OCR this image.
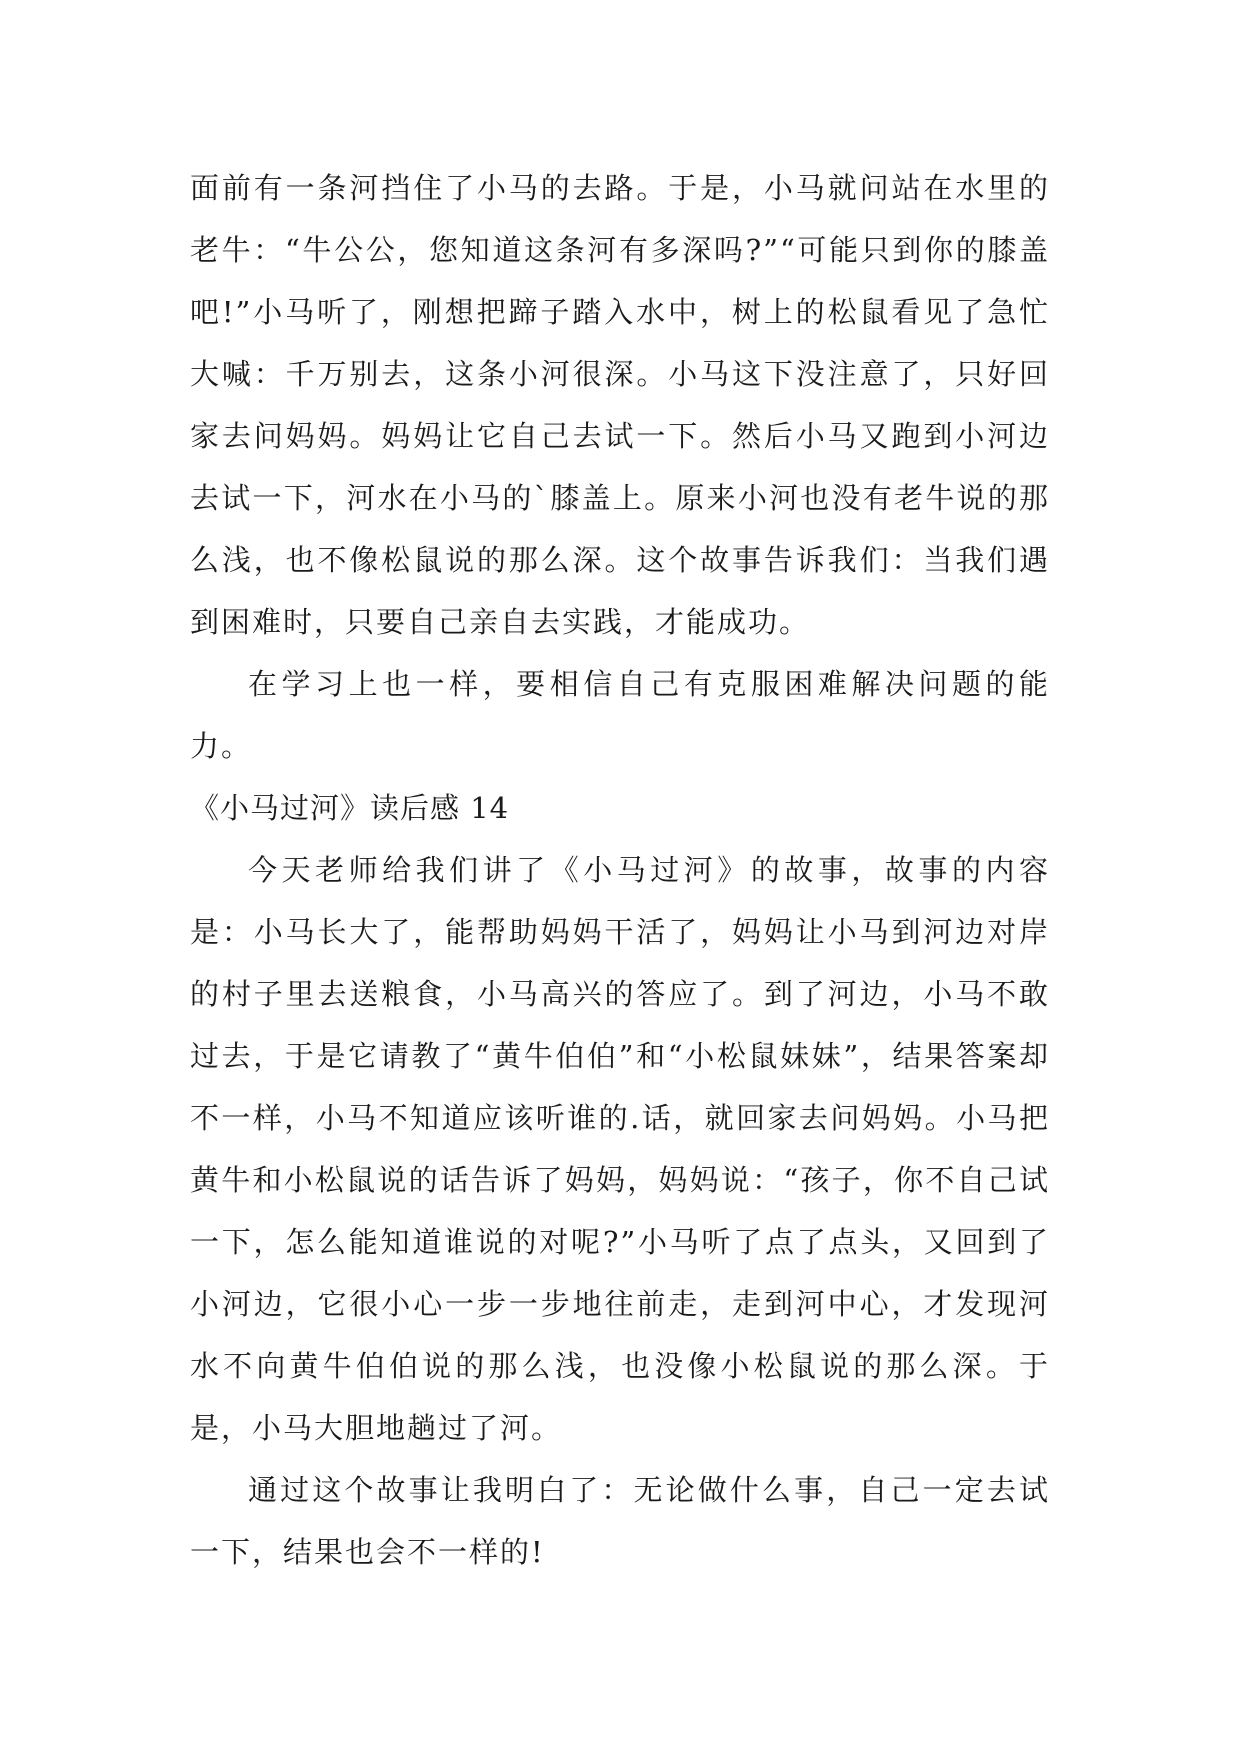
面前有一条河挡住了小马的去路。于是，小马就问站在水里的老牛：“牛公公，您知道这条河有多深吗?”“可能只到你的膝盖吧!”小马听了，刚想把蹄子踏入水中，树上的松鼠看见了急忙大喊：千万别去，这条小河很深。小马这下没注意了，只好回家去问妈妈。妈妈让它自己去试一下。然后小马又跑到小河边去试一下，河水在小马的`膝盖上。原来小河也没有老牛说的那么浅，也不像松鼠说的那么深。这个故事告诉我们：当我们遇到困难时，只要自己亲自去实践，才能成功。

在学习上也一样，要相信自己有克服困难解决问题的能力。

《小马过河》读后感 14

今天老师给我们讲了《小马过河》的故事，故事的内容是：小马长大了，能帮助妈妈干活了，妈妈让小马到河边对岸的村子里去送粮食，小马高兴的答应了。到了河边，小马不敢过去，于是它请教了“黄牛伯伯”和“小松鼠妹妹”，结果答案却不一样，小马不知道应该听谁的.话，就回家去问妈妈。小马把黄牛和小松鼠说的话告诉了妈妈，妈妈说：“孩子，你不自己试一下，怎么能知道谁说的对呢?”小马听了点了点头，又回到了小河边，它很小心一步一步地往前走，走到河中心，才发现河水不向黄牛伯伯说的那么浅，也没像小松鼠说的那么深。于是，小马大胆地趟过了河。

通过这个故事让我明白了：无论做什么事，自己一定去试一下，结果也会不一样的!
